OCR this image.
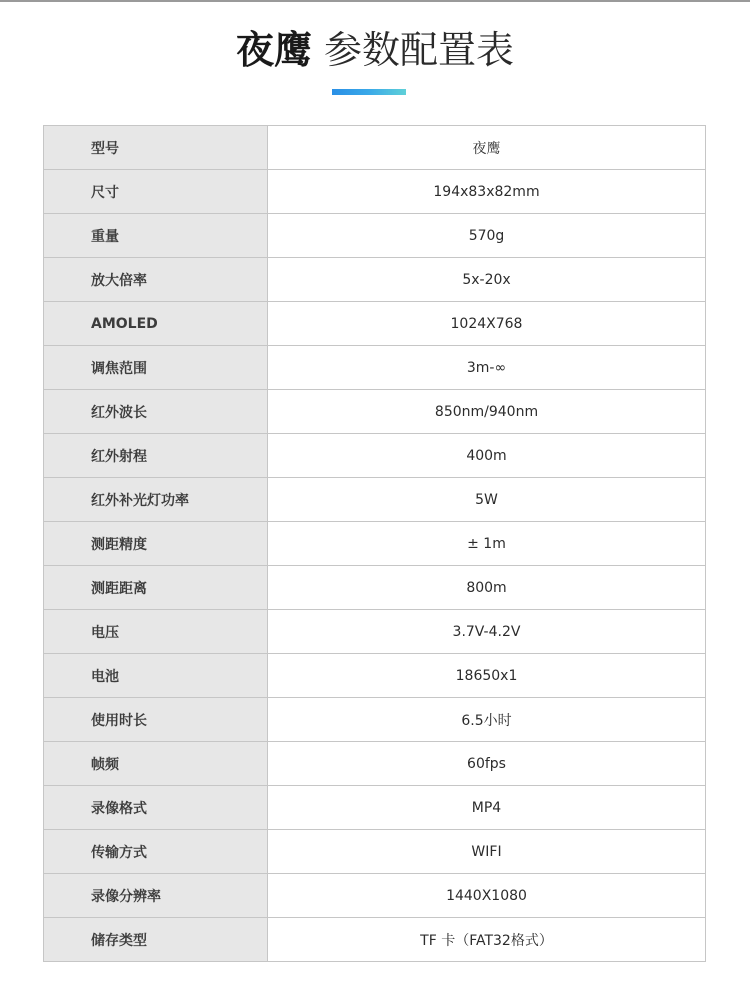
夜鹰 参数配置表
型号	夜鹰
尺寸	194x83x82mm
重量	570g
放大倍率	5x-20x
AMOLED	1024X768
调焦范围	3m-∞
红外波长	850nm/940nm
红外射程	400m
红外补光灯功率	5W
测距精度	± 1m
测距距离	800m
电压	3.7V-4.2V
电池	18650x1
使用时长	6.5小时
帧频	60fps
录像格式	MP4
传输方式	WIFI
录像分辨率	1440X1080
储存类型	TF 卡（FAT32格式）
